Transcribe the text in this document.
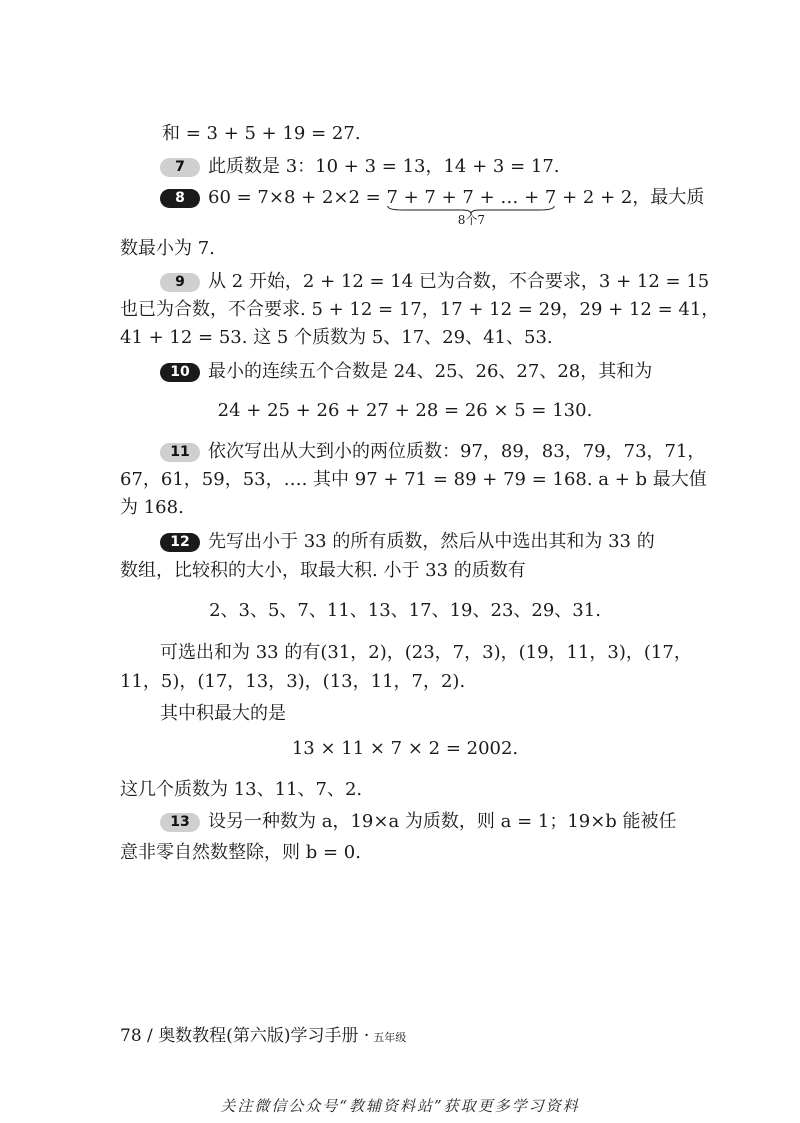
和 = 3 + 5 + 19 = 27.
7 此质数是 3：10 + 3 = 13，14 + 3 = 17.
8 60 = 7×8 + 2×2 = 7 + 7 + 7 + … + 7
8个7
+ 2 + 2，最大质
数最小为 7.
9 从 2 开始，2 + 12 = 14 已为合数，不合要求，3 + 12 = 15
也已为合数，不合要求. 5 + 12 = 17，17 + 12 = 29，29 + 12 = 41，
41 + 12 = 53. 这 5 个质数为 5、17、29、41、53.
10 最小的连续五个合数是 24、25、26、27、28，其和为
24 + 25 + 26 + 27 + 28 = 26 × 5 = 130.
11 依次写出从大到小的两位质数：97，89，83，79，73，71，
67，61，59，53，…. 其中 97 + 71 = 89 + 79 = 168. a + b 最大值
为 168.
12 先写出小于 33 的所有质数，然后从中选出其和为 33 的
数组，比较积的大小，取最大积. 小于 33 的质数有
2、3、5、7、11、13、17、19、23、29、31.
可选出和为 33 的有(31，2)，(23，7，3)，(19，11，3)，(17，
11，5)，(17，13，3)，(13，11，7，2).
其中积最大的是
13 × 11 × 7 × 2 = 2002.
这几个质数为 13、11、7、2.
13 设另一种数为 a，19×a 为质数，则 a = 1；19×b 能被任
意非零自然数整除，则 b = 0.
78 / 奥数教程(第六版)学习手册 · 五年级
关注微信公众号“教辅资料站”获取更多学习资料
